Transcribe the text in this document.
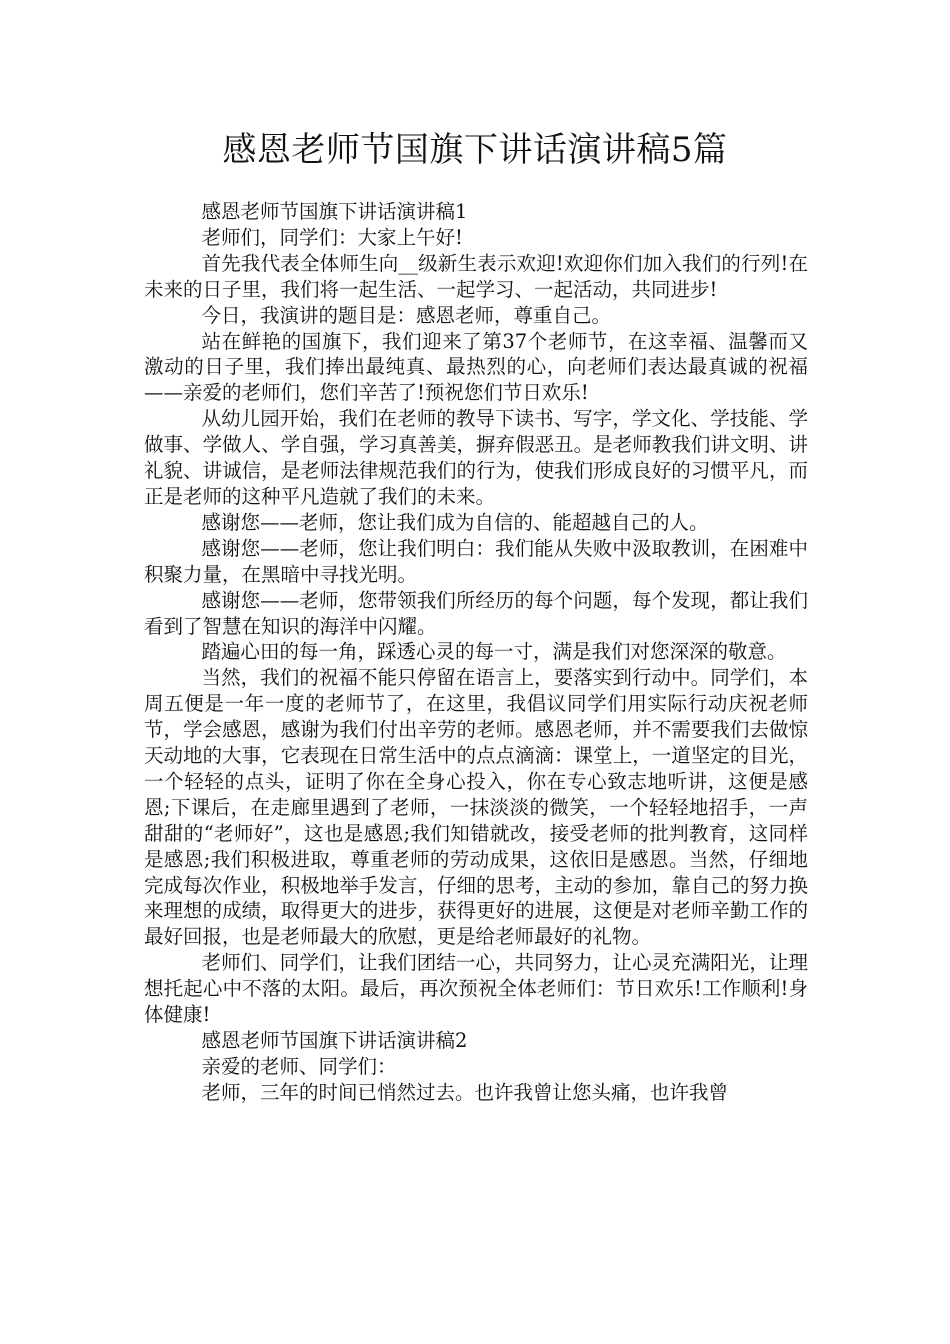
感恩老师节国旗下讲话演讲稿5篇

感恩老师节国旗下讲话演讲稿1

老师们，同学们：大家上午好!

首先我代表全体师生向__级新生表示欢迎!欢迎你们加入我们的行列!在未来的日子里，我们将一起生活、一起学习、一起活动，共同进步!

今日，我演讲的题目是：感恩老师，尊重自己。

站在鲜艳的国旗下，我们迎来了第37个老师节，在这幸福、温馨而又激动的日子里，我们捧出最纯真、最热烈的心，向老师们表达最真诚的祝福——亲爱的老师们，您们辛苦了!预祝您们节日欢乐!

从幼儿园开始，我们在老师的教导下读书、写字，学文化、学技能、学做事、学做人、学自强，学习真善美，摒弃假恶丑。是老师教我们讲文明、讲礼貌、讲诚信，是老师法律规范我们的行为，使我们形成良好的习惯平凡，而正是老师的这种平凡造就了我们的未来。

感谢您——老师，您让我们成为自信的、能超越自己的人。

感谢您——老师，您让我们明白：我们能从失败中汲取教训，在困难中积聚力量，在黑暗中寻找光明。

感谢您——老师，您带领我们所经历的每个问题，每个发现，都让我们看到了智慧在知识的海洋中闪耀。

踏遍心田的每一角，踩透心灵的每一寸，满是我们对您深深的敬意。

当然，我们的祝福不能只停留在语言上，要落实到行动中。同学们，本周五便是一年一度的老师节了，在这里，我倡议同学们用实际行动庆祝老师节，学会感恩，感谢为我们付出辛劳的老师。感恩老师，并不需要我们去做惊天动地的大事，它表现在日常生活中的点点滴滴：课堂上，一道坚定的目光，一个轻轻的点头，证明了你在全身心投入，你在专心致志地听讲，这便是感恩;下课后，在走廊里遇到了老师，一抹淡淡的微笑，一个轻轻地招手，一声甜甜的“老师好”，这也是感恩;我们知错就改，接受老师的批判教育，这同样是感恩;我们积极进取，尊重老师的劳动成果，这依旧是感恩。当然，仔细地完成每次作业，积极地举手发言，仔细的思考，主动的参加，靠自己的努力换来理想的成绩，取得更大的进步，获得更好的进展，这便是对老师辛勤工作的最好回报，也是老师最大的欣慰，更是给老师最好的礼物。

老师们、同学们，让我们团结一心，共同努力，让心灵充满阳光，让理想托起心中不落的太阳。最后，再次预祝全体老师们：节日欢乐!工作顺利!身体健康!

感恩老师节国旗下讲话演讲稿2

亲爱的老师、同学们：

老师，三年的时间已悄然过去。也许我曾让您头痛，也许我曾
